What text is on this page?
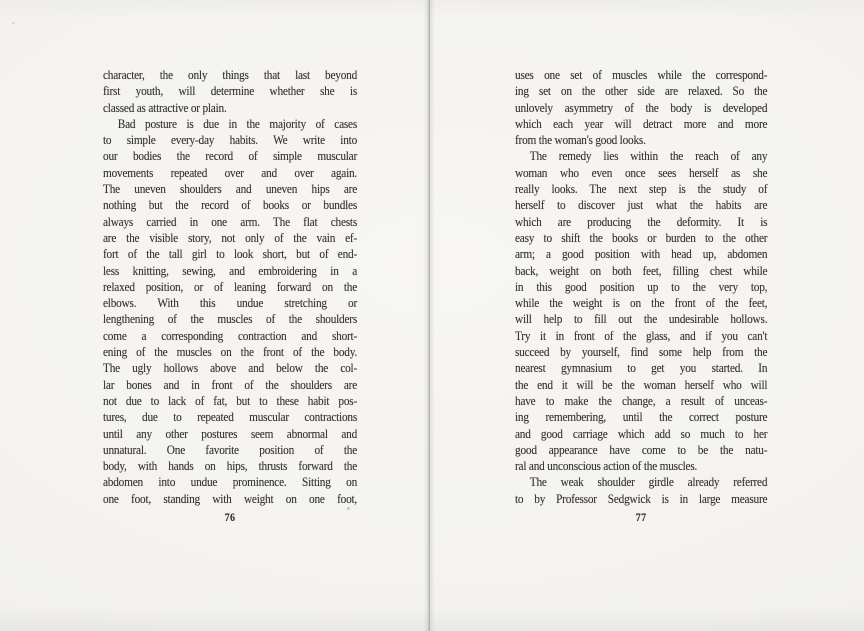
character, the only things that last beyond
first youth, will determine whether she is
classed as attractive or plain.
Bad posture is due in the majority of cases
to simple every-day habits. We write into
our bodies the record of simple muscular
movements repeated over and over again.
The uneven shoulders and uneven hips are
nothing but the record of books or bundles
always carried in one arm. The flat chests
are the visible story, not only of the vain ef-
fort of the tall girl to look short, but of end-
less knitting, sewing, and embroidering in a
relaxed position, or of leaning forward on the
elbows. With this undue stretching or
lengthening of the muscles of the shoulders
come a corresponding contraction and short-
ening of the muscles on the front of the body.
The ugly hollows above and below the col-
lar bones and in front of the shoulders are
not due to lack of fat, but to these habit pos-
tures, due to repeated muscular contractions
until any other postures seem abnormal and
unnatural. One favorite position of the
body, with hands on hips, thrusts forward the
abdomen into undue prominence. Sitting on
one foot, standing with weight on one foot,
76
uses one set of muscles while the correspond-
ing set on the other side are relaxed. So the
unlovely asymmetry of the body is developed
which each year will detract more and more
from the woman's good looks.
The remedy lies within the reach of any
woman who even once sees herself as she
really looks. The next step is the study of
herself to discover just what the habits are
which are producing the deformity. It is
easy to shift the books or burden to the other
arm; a good position with head up, abdomen
back, weight on both feet, filling chest while
in this good position up to the very top,
while the weight is on the front of the feet,
will help to fill out the undesirable hollows.
Try it in front of the glass, and if you can't
succeed by yourself, find some help from the
nearest gymnasium to get you started. In
the end it will be the woman herself who will
have to make the change, a result of unceas-
ing remembering, until the correct posture
and good carriage which add so much to her
good appearance have come to be the natu-
ral and unconscious action of the muscles.
The weak shoulder girdle already referred
to by Professor Sedgwick is in large measure
77
